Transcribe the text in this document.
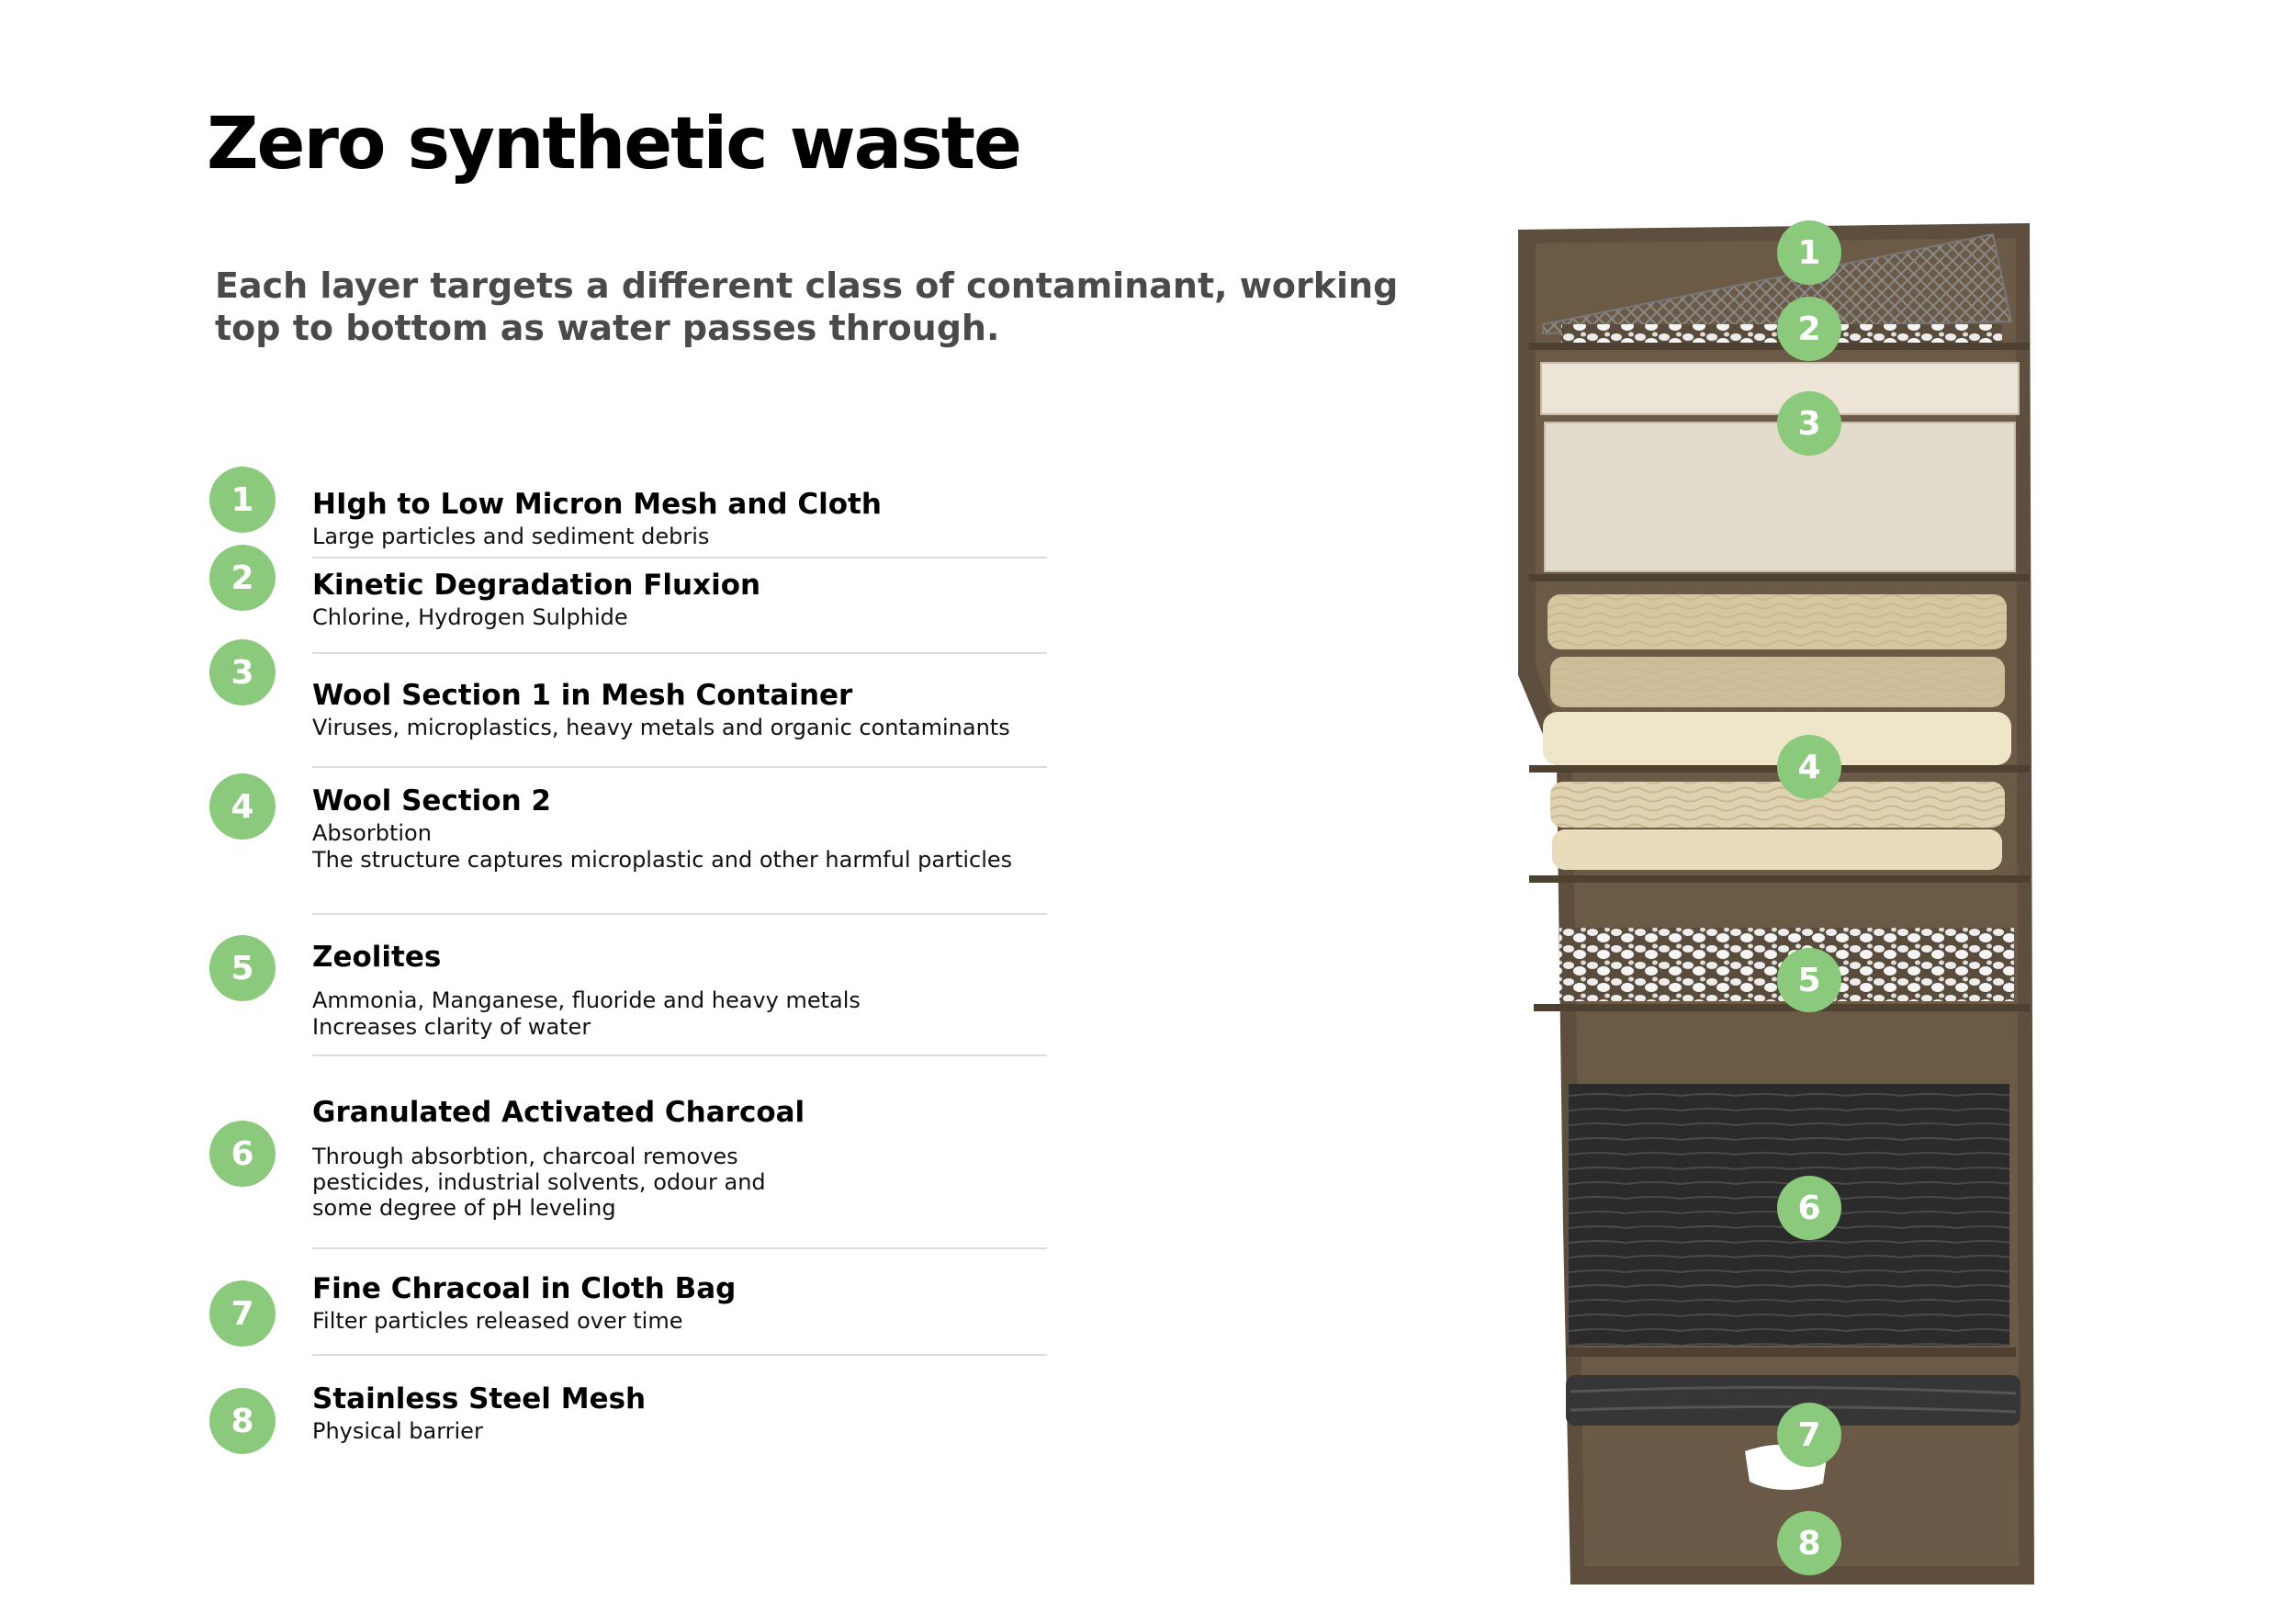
Zero synthetic waste

Each layer targets a different class of contaminant, working top to bottom as water passes through.

1	HIgh to Low Micron Mesh and Cloth

Large particles and sediment debris

2	Kinetic Degradation Fluxion

Chlorine, Hydrogen Sulphide

3

Wool Section 1 in Mesh Container

Viruses, microplastics, heavy metals and organic contaminants

4	Wool Section 2

Absorbtion

The structure captures microplastic and other harmful particles

5	Zeolites

Ammonia, Manganese, fluoride and heavy metals

Increases clarity of water

6

Granulated Activated Charcoal

Through absorbtion, charcoal removes

pesticides, industrial solvents, odour and

some degree of pH leveling

7

Fine Chracoal in Cloth Bag

Filter particles released over time

8

Stainless Steel Mesh

Physical barrier

1
2
3
4
5
6
7
8
